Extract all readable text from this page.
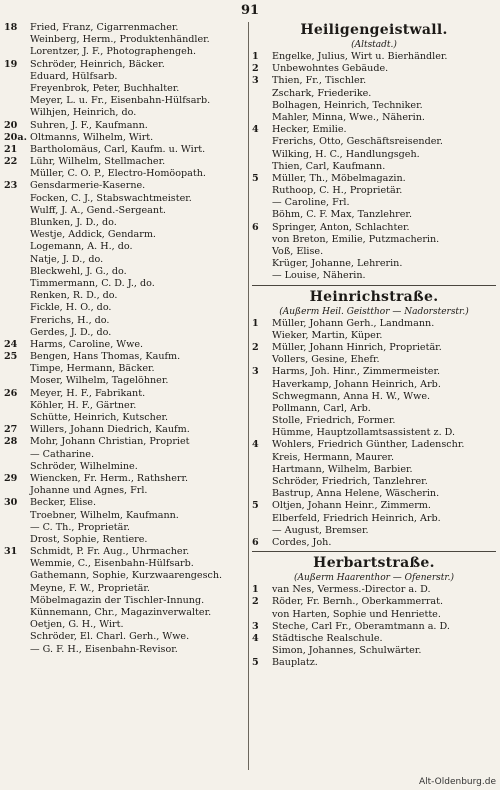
91
18 Fried, Franz, Cigarrenmacher.
Weinberg, Herm., Produktenhändler.
Lorentzer, J. F., Photographengeh.
19 Schröder, Heinrich, Bäcker.
Eduard, Hülfsarb.
Freyenbrok, Peter, Buchhalter.
Meyer, L. u. Fr., Eisenbahn-Hülfsarb.
Wilhjen, Heinrich, do.
20 Suhren, J. F., Kaufmann.
20a. Oltmanns, Wilhelm, Wirt.
21 Bartholomäus, Carl, Kaufm. u. Wirt.
22 Lühr, Wilhelm, Stellmacher.
Müller, C. O. P., Electro-Homöopath.
23 Gensdarmerie-Kaserne.
Focken, C. J., Stabswachtmeister.
Wulff, J. A., Gend.-Sergeant.
Blunken, J. D., do.
Westje, Addick, Gendarm.
Logemann, A. H., do.
Natje, J. D., do.
Bleckwehl, J. G., do.
Timmermann, C. D. J., do.
Renken, R. D., do.
Fickle, H. O., do.
Frerichs, H., do.
Gerdes, J. D., do.
24 Harms, Caroline, Wwe.
25 Bengen, Hans Thomas, Kaufm.
Timpe, Hermann, Bäcker.
Moser, Wilhelm, Tagelöhner.
26 Meyer, H. F., Fabrikant.
Köhler, H. F., Gärtner.
Schütte, Heinrich, Kutscher.
27 Willers, Johann Diedrich, Kaufm.
28 Mohr, Johann Christian, Propriet
— Catharine.
Schröder, Wilhelmine.
29 Wiencken, Fr. Herm., Rathsherr.
Johanne und Agnes, Frl.
30 Becker, Elise.
Troebner, Wilhelm, Kaufmann.
— C. Th., Proprietär.
Drost, Sophie, Rentiere.
31 Schmidt, P. Fr. Aug., Uhrmacher.
Wemmie, C., Eisenbahn-Hülfsarb.
Gathemann, Sophie, Kurzwaarengesch.
Meyne, F. W., Proprietär.
Möbelmagazin der Tischler-Innung.
Künnemann, Chr., Magazinverwalter.
Oetjen, G. H., Wirt.
Schröder, El. Charl. Gerh., Wwe.
— G. F. H., Eisenbahn-Revisor.
Heiligengeistwall.
(Altstadt.)
1 Engelke, Julius, Wirt u. Bierhändler.
2 Unbewohntes Gebäude.
3 Thien, Fr., Tischler.
Zschark, Friederike.
Bolhagen, Heinrich, Techniker.
Mahler, Minna, Wwe., Näherin.
4 Hecker, Emilie.
Frerichs, Otto, Geschäftsreisender.
Wilking, H. C., Handlungsgeh.
Thien, Carl, Kaufmann.
5 Müller, Th., Möbelmagazin.
Ruthoop, C. H., Proprietär.
— Caroline, Frl.
Böhm, C. F. Max, Tanzlehrer.
6 Springer, Anton, Schlachter.
von Breton, Emilie, Putzmacherin.
Voß, Elise.
Krüger, Johanne, Lehrerin.
— Louise, Näherin.
Heinrichstraße.
(Außerm Heil. Geistthor — Nadorsterstr.)
1 Müller, Johann Gerh., Landmann.
Wieker, Martin, Küper.
2 Müller, Johann Hinrich, Proprietär.
Vollers, Gesine, Ehefr.
3 Harms, Joh. Hinr., Zimmermeister.
Haverkamp, Johann Heinrich, Arb.
Schwegmann, Anna H. W., Wwe.
Pollmann, Carl, Arb.
Stolle, Friedrich, Former.
Hümme, Hauptzollamtsassistent z. D.
4 Wohlers, Friedrich Günther, Ladenschr.
Kreis, Hermann, Maurer.
Hartmann, Wilhelm, Barbier.
Schröder, Friedrich, Tanzlehrer.
Bastrup, Anna Helene, Wäscherin.
5 Oltjen, Johann Heinr., Zimmerm.
Elberfeld, Friedrich Heinrich, Arb.
— August, Bremser.
6 Cordes, Joh.
Herbartstraße.
(Außerm Haarenthor — Ofenerstr.)
1 van Nes, Vermess.-Director a. D.
2 Röder, Fr. Bernh., Oberkammerrat.
von Harten, Sophie und Henriette.
3 Steche, Carl Fr., Oberamtmann a. D.
4 Städtische Realschule.
Simon, Johannes, Schulwärter.
5 Bauplatz.
Alt-Oldenburg.de
